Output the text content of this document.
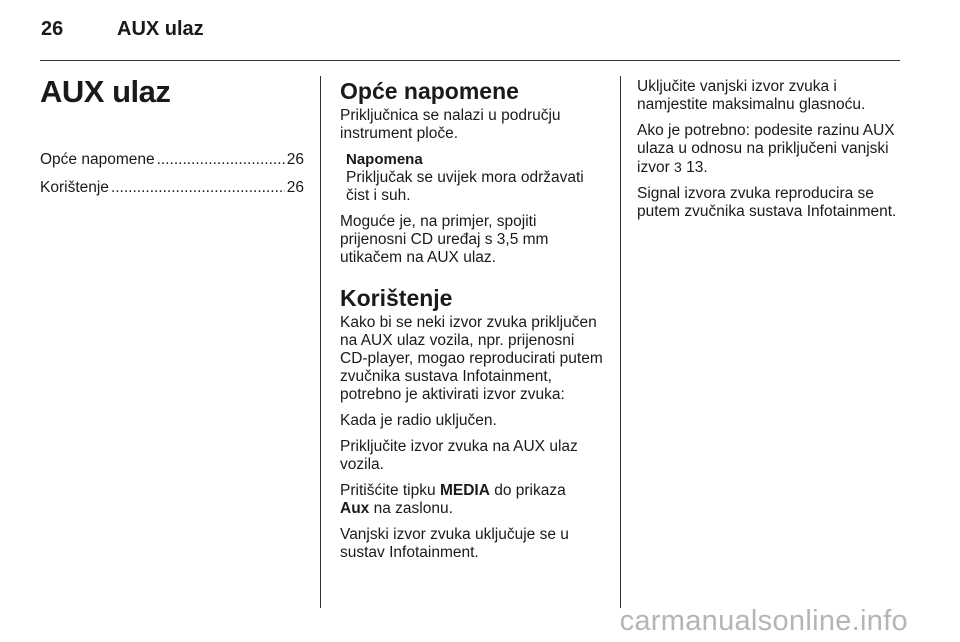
26	AUX ulaz
AUX ulaz
Opće napomene .....	26
Korištenje .....	26
Opće napomene

Priključnica se nalazi u području instrument ploče.

Napomena

Priključak se uvijek mora održavati čist i suh.

Moguće je, na primjer, spojiti prijenosni CD uređaj s 3,5 mm utikačem na AUX ulaz.

Korištenje

Kako bi se neki izvor zvuka priključen na AUX ulaz vozila, npr. prijenosni CD-player, mogao reproducirati putem zvučnika sustava Infotainment, potrebno je aktivirati izvor zvuka:

Kada je radio uključen.

Priključite izvor zvuka na AUX ulaz vozila.

Pritišćite tipku MEDIA do prikaza
Aux na zaslonu.

Vanjski izvor zvuka uključuje se u sustav Infotainment.

Uključite vanjski izvor zvuka i namjestite maksimalnu glasnoću.

Ako je potrebno: podesite razinu AUX ulaza u odnosu na priključeni vanjski izvor 3 13.

Signal izvora zvuka reproducira se putem zvučnika sustava Infotainment.

carmanualsonline.info
